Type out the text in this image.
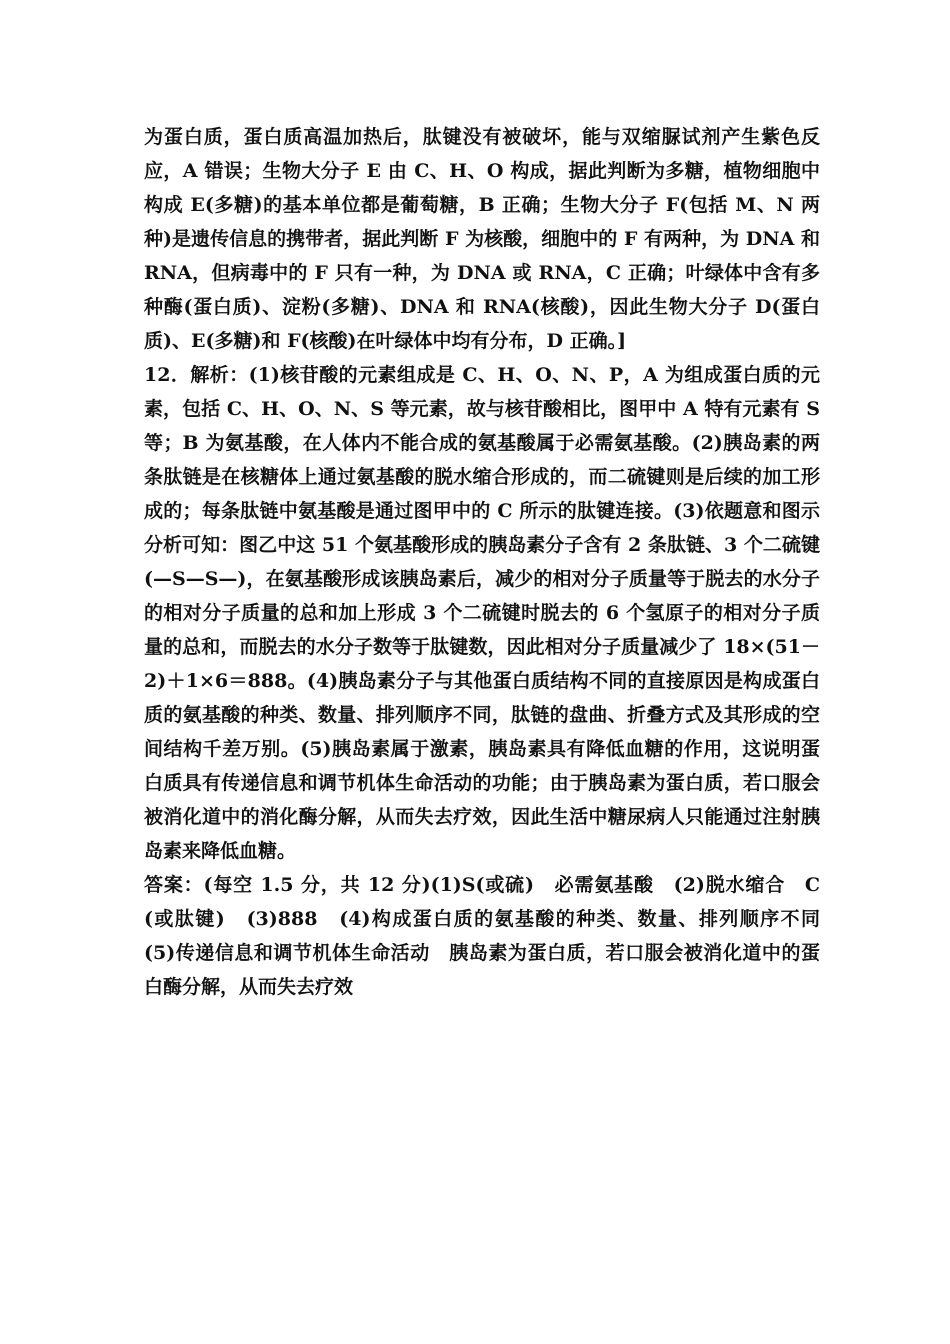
为蛋白质，蛋白质高温加热后，肽键没有被破坏，能与双缩脲试剂产生紫色反应，A 错误；生物大分子 E 由 C、H、O 构成，据此判断为多糖，植物细胞中构成 E(多糖)的基本单位都是葡萄糖，B 正确；生物大分子 F(包括 M、N 两种)是遗传信息的携带者，据此判断 F 为核酸，细胞中的 F 有两种，为 DNA 和RNA，但病毒中的 F 只有一种，为 DNA 或 RNA，C 正确；叶绿体中含有多种酶(蛋白质)、淀粉(多糖)、DNA 和 RNA(核酸)，因此生物大分子 D(蛋白质)、E(多糖)和 F(核酸)在叶绿体中均有分布，D 正确。]

12．解析：(1)核苷酸的元素组成是 C、H、O、N、P，A 为组成蛋白质的元素，包括 C、H、O、N、S 等元素，故与核苷酸相比，图甲中 A 特有元素有 S 等；B 为氨基酸，在人体内不能合成的氨基酸属于必需氨基酸。(2)胰岛素的两条肽链是在核糖体上通过氨基酸的脱水缩合形成的，而二硫键则是后续的加工形成的；每条肽链中氨基酸是通过图甲中的 C 所示的肽键连接。(3)依题意和图示分析可知：图乙中这 51 个氨基酸形成的胰岛素分子含有 2 条肽链、3 个二硫键(—S—S—)，在氨基酸形成该胰岛素后，减少的相对分子质量等于脱去的水分子的相对分子质量的总和加上形成 3 个二硫键时脱去的 6 个氢原子的相对分子质量的总和，而脱去的水分子数等于肽键数，因此相对分子质量减少了 18×(51－2)＋1×6＝888。(4)胰岛素分子与其他蛋白质结构不同的直接原因是构成蛋白质的氨基酸的种类、数量、排列顺序不同，肽链的盘曲、折叠方式及其形成的空间结构千差万别。(5)胰岛素属于激素，胰岛素具有降低血糖的作用，这说明蛋白质具有传递信息和调节机体生命活动的功能；由于胰岛素为蛋白质，若口服会被消化道中的消化酶分解，从而失去疗效，因此生活中糖尿病人只能通过注射胰岛素来降低血糖。

答案：(每空 1.5 分，共 12 分)(1)S(或硫)　必需氨基酸　(2)脱水缩合　C(或肽键)　(3)888　(4)构成蛋白质的氨基酸的种类、数量、排列顺序不同　(5)传递信息和调节机体生命活动　胰岛素为蛋白质，若口服会被消化道中的蛋白酶分解，从而失去疗效
